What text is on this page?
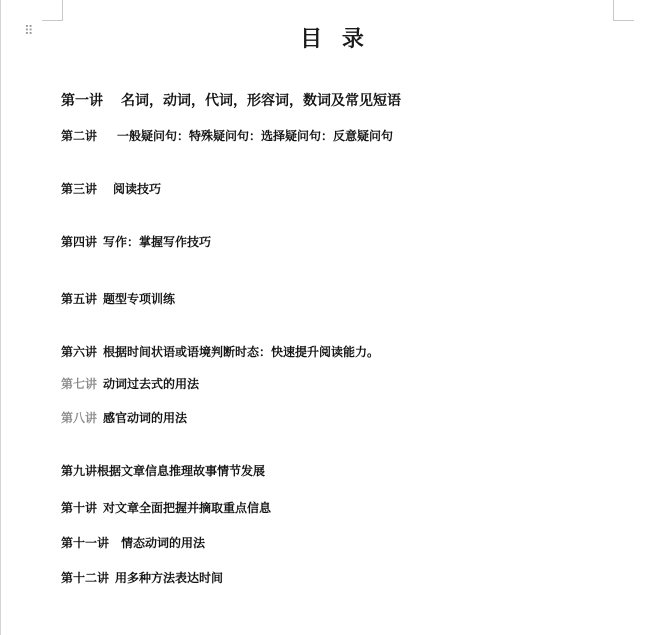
⠿	目 录
第一讲 名词，动词，代词，形容词，数词及常见短语
第二讲 一般疑问句：特殊疑问句：选择疑问句：反意疑问句
第三讲 阅读技巧
第四讲 写作：掌握写作技巧
第五讲 题型专项训练
第六讲 根据时间状语或语境判断时态：快速提升阅读能力。
第七讲 动词过去式的用法
第八讲 感官动词的用法
第九讲根据文章信息推理故事情节发展
第十讲 对文章全面把握并摘取重点信息
第十一讲 情态动词的用法
第十二讲 用多种方法表达时间
